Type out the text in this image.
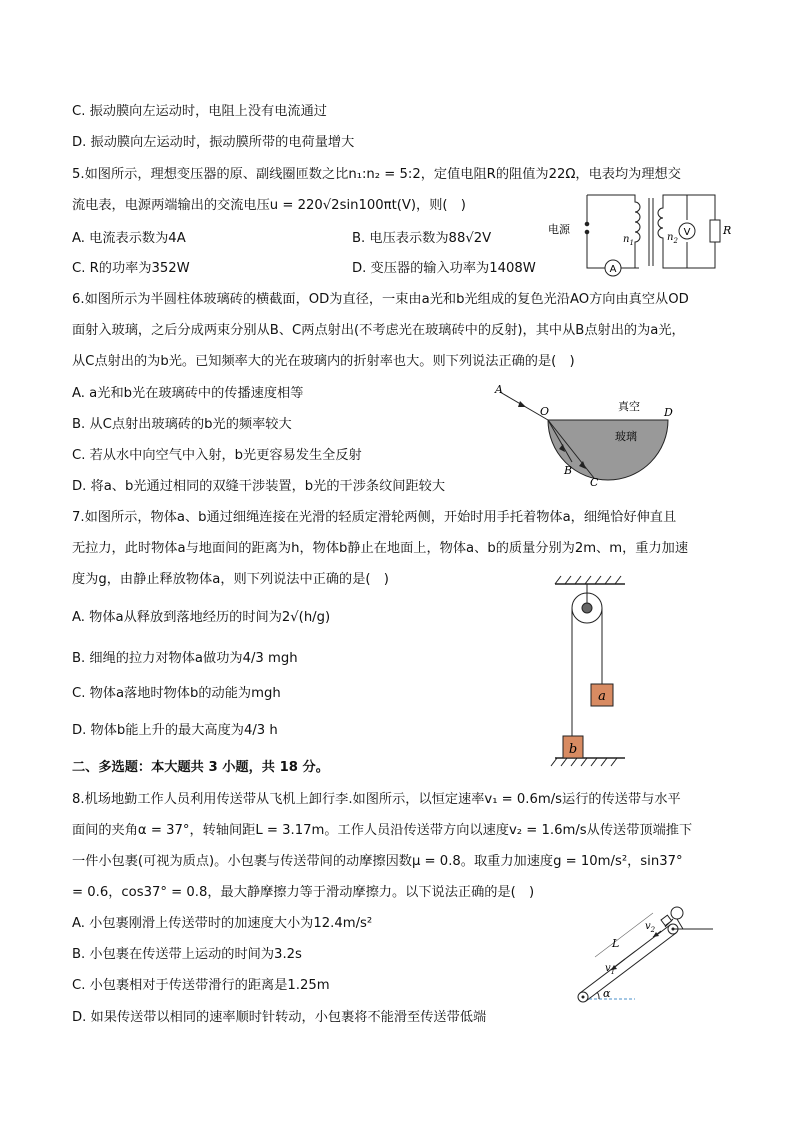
C. 振动膜向左运动时，电阻上没有电流通过
D. 振动膜向左运动时，振动膜所带的电荷量增大
5.如图所示，理想变压器的原、副线圈匝数之比n₁:n₂ = 5:2，定值电阻R的阻值为22Ω，电表均为理想交
流电表，电源两端输出的交流电压u = 220√2sin100πt(V)，则(　)
A. 电流表示数为4A	B. 电压表示数为88√2V
C. R的功率为352W	D. 变压器的输入功率为1408W
电源	V
A
R
$n_1$	$n_2$
6.如图所示为半圆柱体玻璃砖的横截面，OD为直径，一束由a光和b光组成的复色光沿AO方向由真空从OD
面射入玻璃，之后分成两束分别从B、C两点射出(不考虑光在玻璃砖中的反射)，其中从B点射出的为a光，
从C点射出的为b光。已知频率大的光在玻璃内的折射率也大。则下列说法正确的是(　)
A. a光和b光在玻璃砖中的传播速度相等
B. 从C点射出玻璃砖的b光的频率较大
C. 若从水中向空气中入射，b光更容易发生全反射
D. 将a、b光通过相同的双缝干涉装置，b光的干涉条纹间距较大
A
O	D
B
C
真空
玻璃
7.如图所示，物体a、b通过细绳连接在光滑的轻质定滑轮两侧，开始时用手托着物体a，细绳恰好伸直且
无拉力，此时物体a与地面间的距离为h，物体b静止在地面上，物体a、b的质量分别为2m、m，重力加速
度为g，由静止释放物体a，则下列说法中正确的是(　)
A. 物体a从释放到落地经历的时间为2√(h/g)
B. 细绳的拉力对物体a做功为4/3 mgh
C. 物体a落地时物体b的动能为mgh
D. 物体b能上升的最大高度为4/3 h
a
b
二、多选题：本大题共 3 小题，共 18 分。
8.机场地勤工作人员利用传送带从飞机上卸行李.如图所示，以恒定速率v₁ = 0.6m/s运行的传送带与水平
面间的夹角α = 37°，转轴间距L = 3.17m。工作人员沿传送带方向以速度v₂ = 1.6m/s从传送带顶端推下
一件小包裹(可视为质点)。小包裹与传送带间的动摩擦因数μ = 0.8。取重力加速度g = 10m/s²，sin37°
= 0.6，cos37° = 0.8，最大静摩擦力等于滑动摩擦力。以下说法正确的是(　)
A. 小包裹刚滑上传送带时的加速度大小为12.4m/s²
B. 小包裹在传送带上运动的时间为3.2s
C. 小包裹相对于传送带滑行的距离是1.25m
D. 如果传送带以相同的速率顺时针转动，小包裹将不能滑至传送带低端
L
$v_1$
$v_2$
α
